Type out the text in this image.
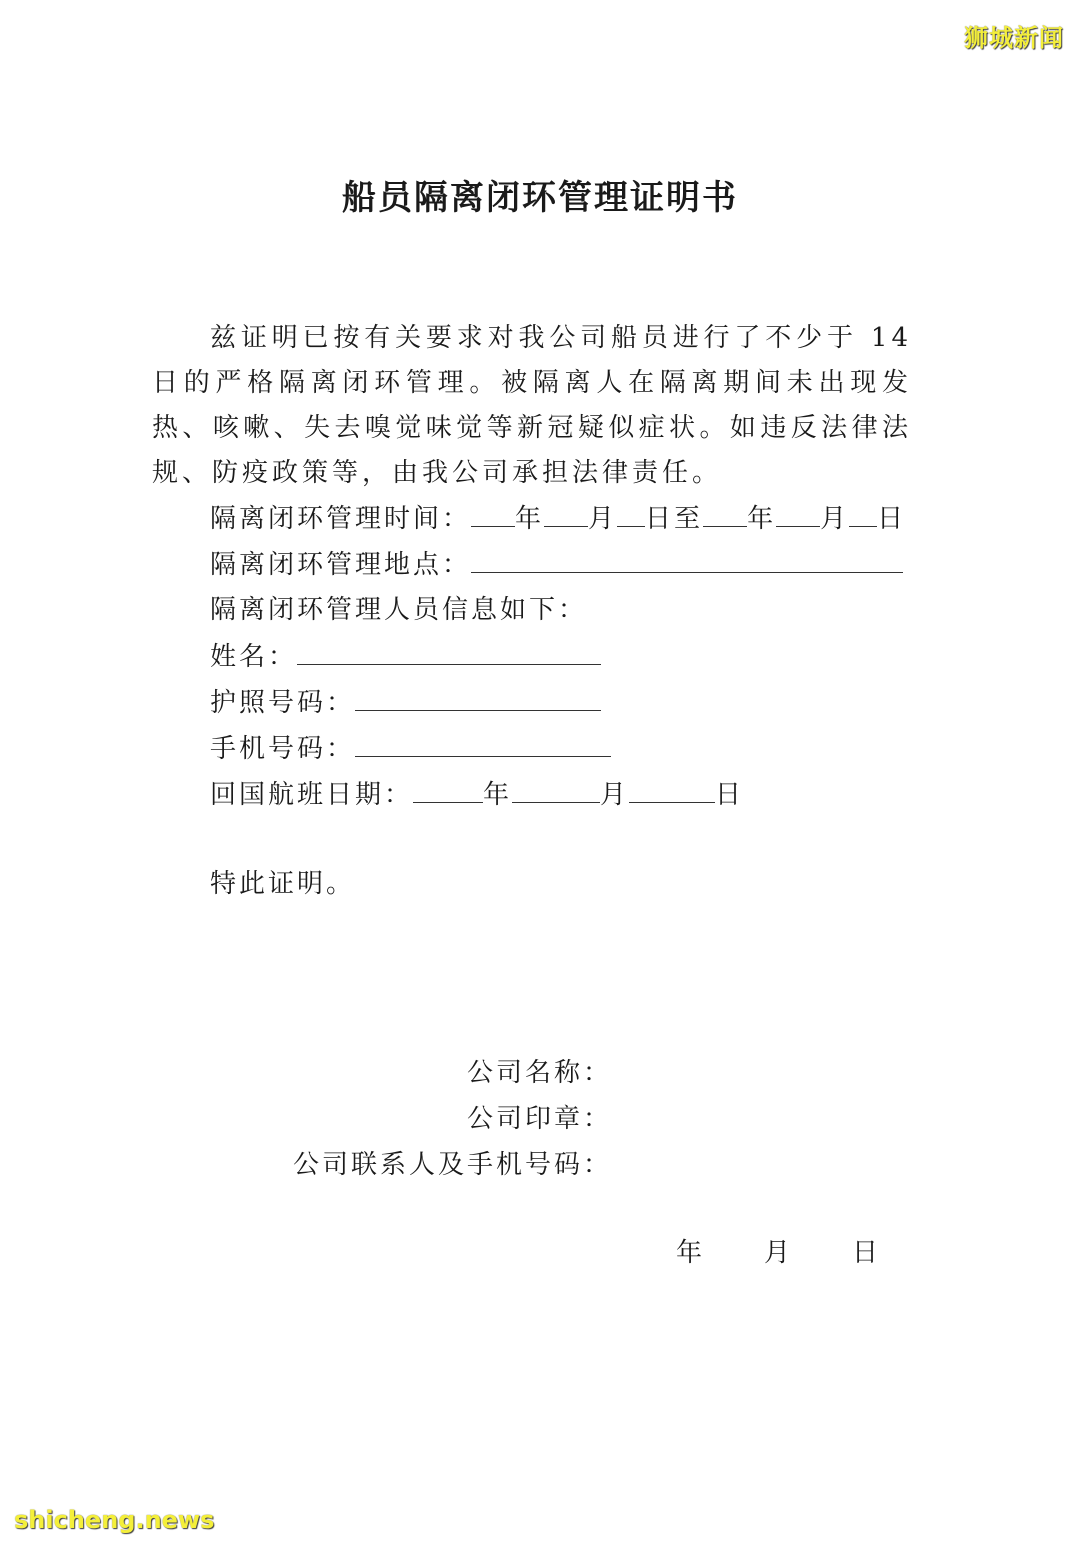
狮城新闻
船员隔离闭环管理证明书
兹证明已按有关要求对我公司船员进行了不少于 14 日的严格隔离闭环管理。被隔离人在隔离期间未出现发热、咳嗽、失去嗅觉味觉等新冠疑似症状。如违反法律法规、防疫政策等，由我公司承担法律责任。
隔离闭环管理时间： 年 月 日至 年 月 日
隔离闭环管理地点：
隔离闭环管理人员信息如下：
姓名：
护照号码：
手机号码：
回国航班日期：	年	月	日
特此证明。
公司名称：
公司印章：
公司联系人及手机号码：
年 月 日
shicheng.news
